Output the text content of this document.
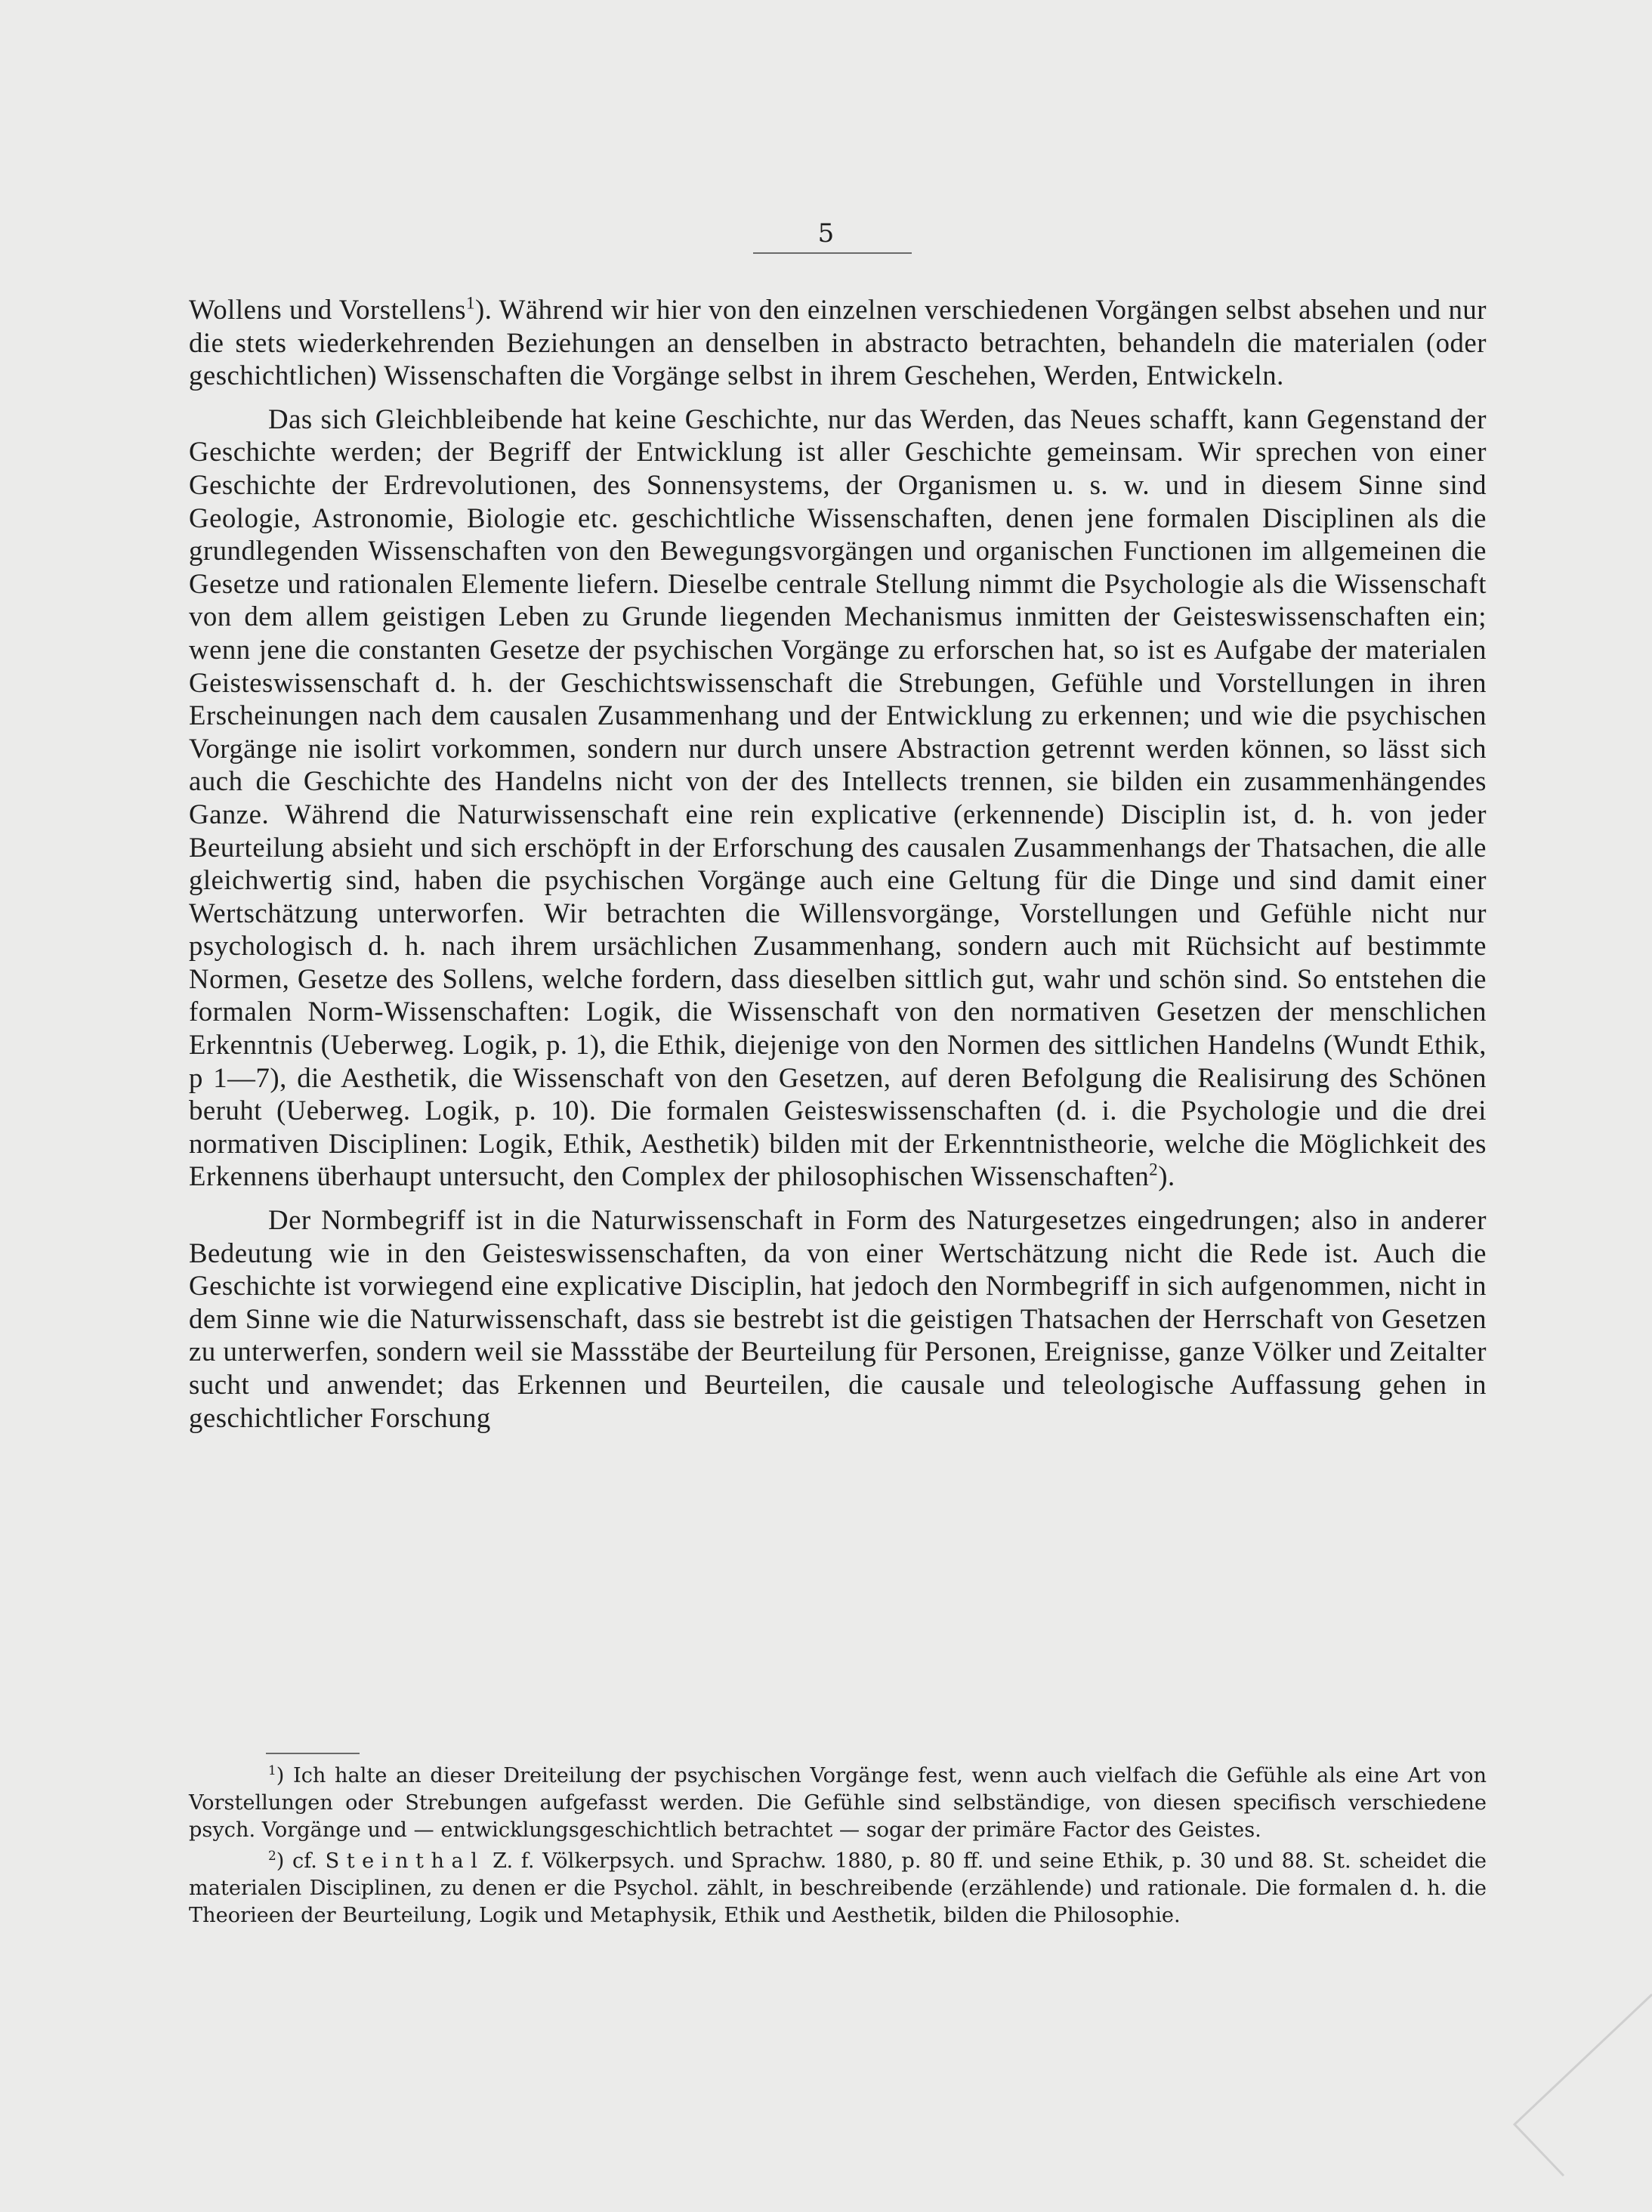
5

Wollens und Vorstellens$^1$). Während wir hier von den einzelnen verschiedenen Vorgängen selbst absehen und nur die stets wiederkehrenden Beziehungen an denselben in abstracto betrachten, behandeln die materialen (oder geschichtlichen) Wissenschaften die Vorgänge selbst in ihrem Geschehen, Werden, Entwickeln.

Das sich Gleichbleibende hat keine Geschichte, nur das Werden, das Neues schafft, kann Gegenstand der Geschichte werden; der Begriff der Entwicklung ist aller Geschichte gemeinsam. Wir sprechen von einer Geschichte der Erdrevolutionen, des Sonnensystems, der Organismen u. s. w. und in diesem Sinne sind Geologie, Astronomie, Biologie etc. geschichtliche Wissenschaften, denen jene formalen Disciplinen als die grundlegenden Wissenschaften von den Bewegungsvorgängen und organischen Functionen im allgemeinen die Gesetze und rationalen Elemente liefern. Dieselbe centrale Stellung nimmt die Psychologie als die Wissenschaft von dem allem geistigen Leben zu Grunde liegenden Mechanismus inmitten der Geisteswissenschaften ein; wenn jene die constanten Gesetze der psychischen Vorgänge zu erforschen hat, so ist es Aufgabe der materialen Geisteswissenschaft d. h. der Geschichtswissenschaft die Strebungen, Gefühle und Vorstellungen in ihren Erscheinungen nach dem causalen Zusammenhang und der Entwicklung zu erkennen; und wie die psychischen Vorgänge nie isolirt vorkommen, sondern nur durch unsere Abstraction getrennt werden können, so lässt sich auch die Geschichte des Handelns nicht von der des Intellects trennen, sie bilden ein zusammenhängendes Ganze. Während die Naturwissenschaft eine rein explicative (erkennende) Disciplin ist, d. h. von jeder Beurteilung absieht und sich erschöpft in der Erforschung des causalen Zusammenhangs der Thatsachen, die alle gleichwertig sind, haben die psychischen Vorgänge auch eine Geltung für die Dinge und sind damit einer Wertschätzung unterworfen. Wir betrachten die Willensvorgänge, Vorstellungen und Gefühle nicht nur psychologisch d. h. nach ihrem ursächlichen Zusammenhang, sondern auch mit Rüchsicht auf bestimmte Normen, Gesetze des Sollens, welche fordern, dass dieselben sittlich gut, wahr und schön sind. So entstehen die formalen Norm-Wissenschaften: Logik, die Wissenschaft von den normativen Gesetzen der menschlichen Erkenntnis (Ueberweg. Logik, p. 1), die Ethik, diejenige von den Normen des sittlichen Handelns (Wundt Ethik, p 1—7), die Aesthetik, die Wissenschaft von den Gesetzen, auf deren Befolgung die Realisirung des Schönen beruht (Ueberweg. Logik, p. 10). Die formalen Geisteswissenschaften (d. i. die Psychologie und die drei normativen Disciplinen: Logik, Ethik, Aesthetik) bilden mit der Erkenntnistheorie, welche die Möglichkeit des Erkennens überhaupt untersucht, den Complex der philosophischen Wissenschaften$^2$).

Der Normbegriff ist in die Naturwissenschaft in Form des Naturgesetzes eingedrungen; also in anderer Bedeutung wie in den Geisteswissenschaften, da von einer Wertschätzung nicht die Rede ist. Auch die Geschichte ist vorwiegend eine explicative Disciplin, hat jedoch den Normbegriff in sich aufgenommen, nicht in dem Sinne wie die Naturwissenschaft, dass sie bestrebt ist die geistigen Thatsachen der Herrschaft von Gesetzen zu unterwerfen, sondern weil sie Massstäbe der Beurteilung für Personen, Ereignisse, ganze Völker und Zeitalter sucht und anwendet; das Erkennen und Beurteilen, die causale und teleologische Auffassung gehen in geschichtlicher Forschung

$^1$) Ich halte an dieser Dreiteilung der psychischen Vorgänge fest, wenn auch vielfach die Gefühle als eine Art von Vorstellungen oder Strebungen aufgefasst werden. Die Gefühle sind selbständige, von diesen specifisch verschiedene psych. Vorgänge und — entwicklungsgeschichtlich betrachtet — sogar der primäre Factor des Geistes.

$^2$) cf. Steinthal Z. f. Völkerpsych. und Sprachw. 1880, p. 80 ff. und seine Ethik, p. 30 und 88. St. scheidet die materialen Disciplinen, zu denen er die Psychol. zählt, in beschreibende (erzählende) und rationale. Die formalen d. h. die Theorieen der Beurteilung, Logik und Metaphysik, Ethik und Aesthetik, bilden die Philosophie.
